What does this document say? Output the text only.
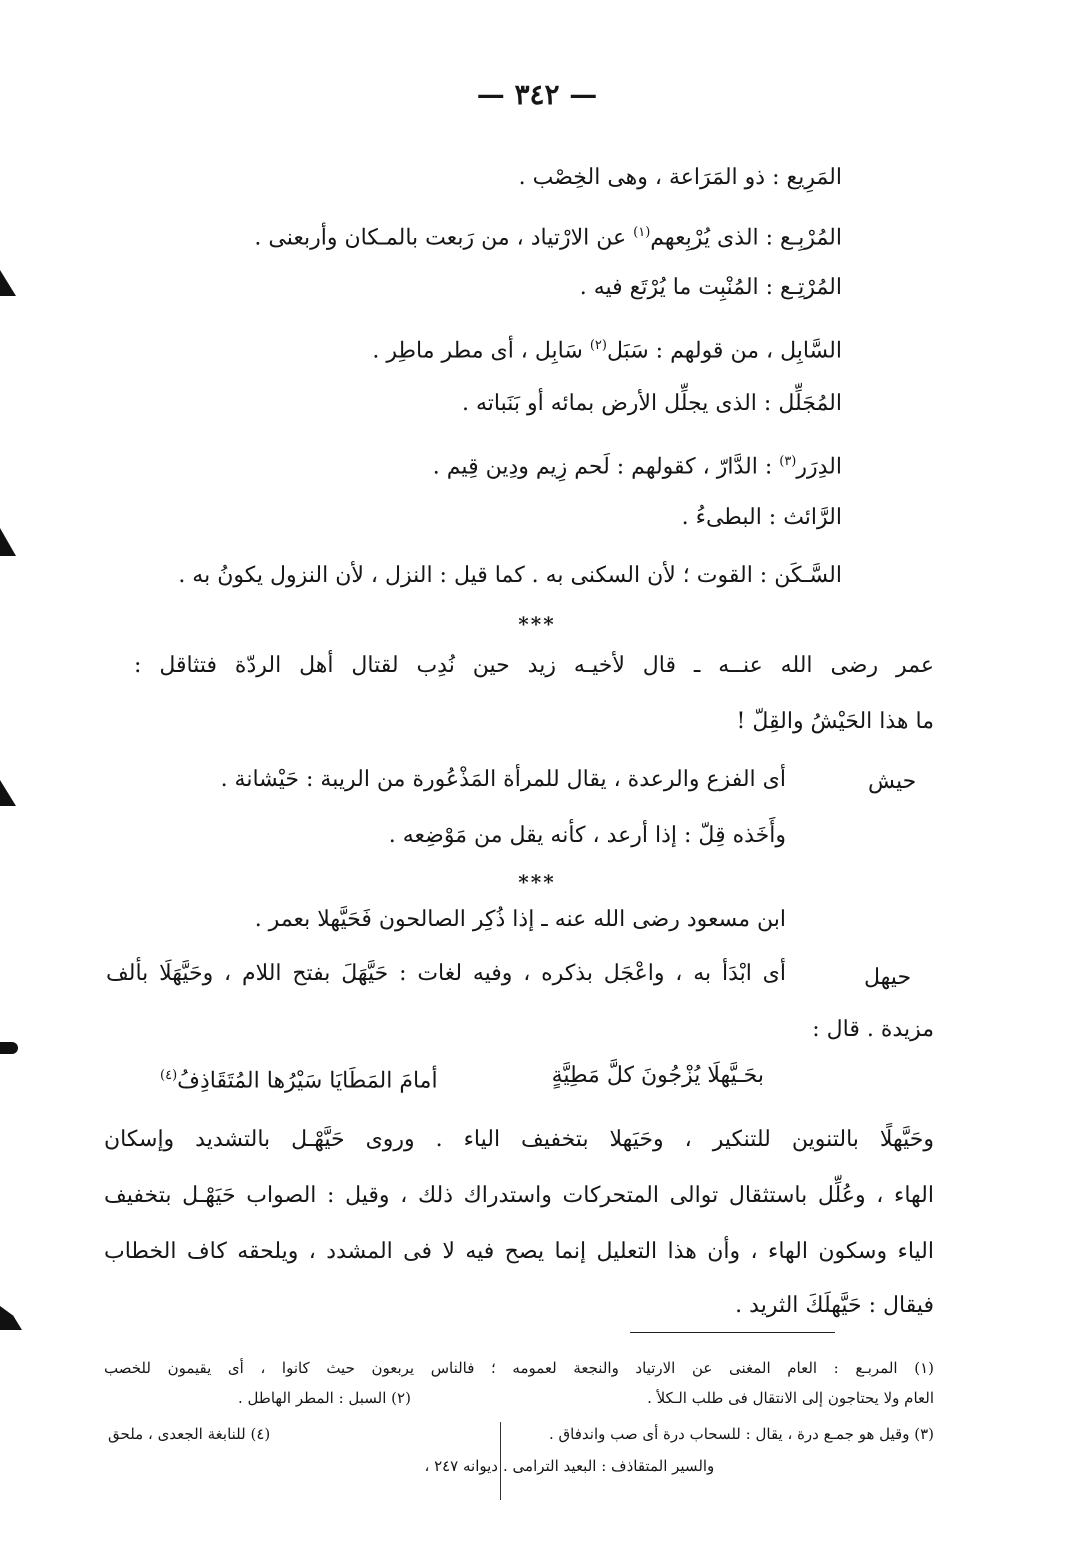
— ٣٤٢ —
المَرِيع : ذو المَرَاعة ، وهى الخِصْب .
المُرْبِـع : الذى يُرْبِعهم$^{(١)}$ عن الارْتياد ، من رَبعت بالمـكان وأربعنى .
المُرْتِـع : المُنْبِت ما يُرْتَع فيه .
السَّابِل ، من قولهم : سَبَل$^{(٢)}$ سَابِل ، أى مطر ماطِر .
المُجَلِّل : الذى يجلِّل الأرض بمائه أو بَنَباته .
الدِرَر$^{(٣)}$ : الدَّارّ ، كقولهم : لَحم زِيم ودِين قِيم .
الرَّائث : البطىءُ .
السَّـكَن : القوت ؛ لأن السكنى به . كما قيل : النزل ، لأن النزول يكونُ به .
***
عمر رضى الله عنــه ـ قال لأخيـه زيد حين نُدِب لقتال أهل الردّة فتثاقل :
ما هذا الحَيْشُ والقِلّ !
حيش
أى الفزع والرعدة ، يقال للمرأة المَذْعُورة من الريبة : حَيْشانة .
وأَخَذه قِلّ : إذا أرعد ، كأنه يقل من مَوْضِعه .
***
ابن مسعود رضى الله عنه ـ إذا ذُكِر الصالحون فَحَيَّهلا بعمر .
حيهل
أى ابْدَأ به ، واعْجَل بذكره ، وفيه لغات : حَيَّهَلَ بفتح اللام ، وحَيَّهَلَا بألف
مزيدة . قال :
بحَـيَّهلَا يُزْجُونَ كلَّ مَطِيَّةٍ
أمامَ المَطَايَا سَيْرُها المُتَقَاذِفُ$^{(٤)}$
وحَيَّهلًا بالتنوين للتنكير ، وحَيَهلا بتخفيف الياء . وروى حَيَّهْـل بالتشديد وإسكان
الهاء ، وعُلِّل باستثقال توالى المتحركات واستدراك ذلك ، وقيل : الصواب حَيَهْـل بتخفيف
الياء وسكون الهاء ، وأن هذا التعليل إنما يصح فيه لا فى المشدد ، ويلحقه كاف الخطاب
فيقال : حَيَّهلَكَ الثريد .
(١) المربـع : العام المغنى عن الارتياد والنجعة لعمومه ؛ فالناس يربعون حيث كانوا ، أى يقيمون للخصب
العام ولا يحتاجون إلى الانتقال فى طلب الـكلأ .
(٢) السبل : المطر الهاطل .
(٣) وقيل هو جمـع درة ، يقال : للسحاب درة أى صب واندفاق .
(٤) للنابغة الجعدى ، ملحق
والسير المتقاذف : البعيد الترامى .
ديوانه ٢٤٧ ،
